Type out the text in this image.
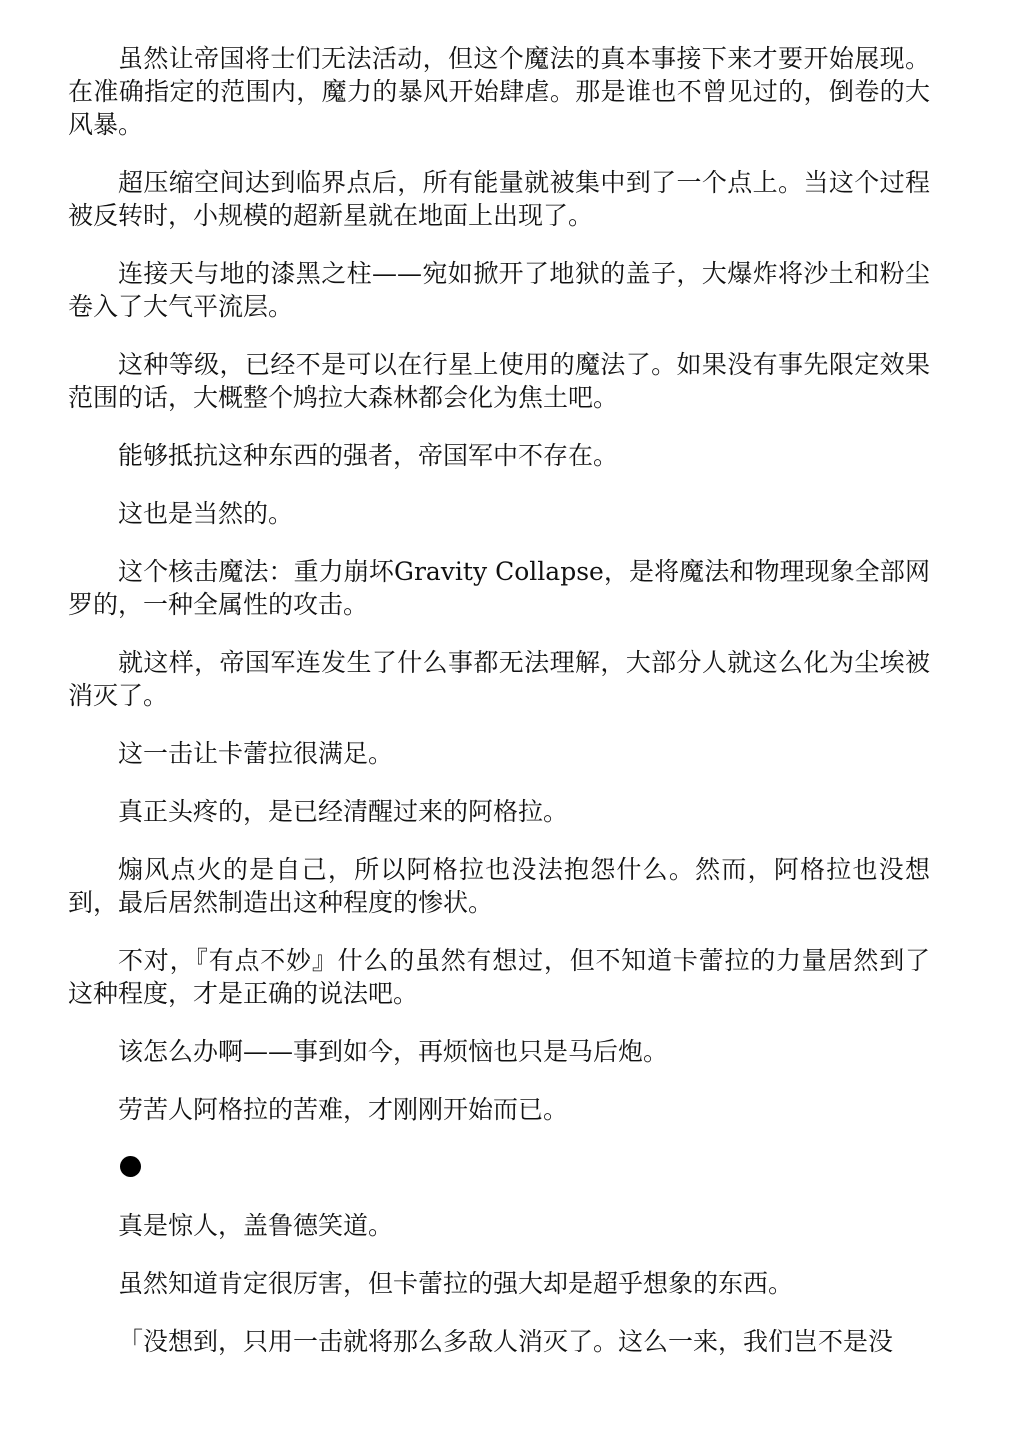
虽然让帝国将士们无法活动，但这个魔法的真本事接下来才要开始展现。在准确指定的范围内，魔力的暴风开始肆虐。那是谁也不曾见过的，倒卷的大风暴。

超压缩空间达到临界点后，所有能量就被集中到了一个点上。当这个过程被反转时，小规模的超新星就在地面上出现了。

连接天与地的漆黑之柱——宛如掀开了地狱的盖子，大爆炸将沙土和粉尘卷入了大气平流层。

这种等级，已经不是可以在行星上使用的魔法了。如果没有事先限定效果范围的话，大概整个鸠拉大森林都会化为焦土吧。

能够抵抗这种东西的强者，帝国军中不存在。

这也是当然的。

这个核击魔法：重力崩坏Gravity Collapse，是将魔法和物理现象全部网罗的，一种全属性的攻击。

就这样，帝国军连发生了什么事都无法理解，大部分人就这么化为尘埃被消灭了。

这一击让卡蕾拉很满足。

真正头疼的，是已经清醒过来的阿格拉。

煽风点火的是自己，所以阿格拉也没法抱怨什么。然而，阿格拉也没想到，最后居然制造出这种程度的惨状。

不对，『有点不妙』什么的虽然有想过，但不知道卡蕾拉的力量居然到了这种程度，才是正确的说法吧。

该怎么办啊——事到如今，再烦恼也只是马后炮。

劳苦人阿格拉的苦难，才刚刚开始而已。

真是惊人，盖鲁德笑道。

虽然知道肯定很厉害，但卡蕾拉的强大却是超乎想象的东西。

「没想到，只用一击就将那么多敌人消灭了。这么一来，我们岂不是没
